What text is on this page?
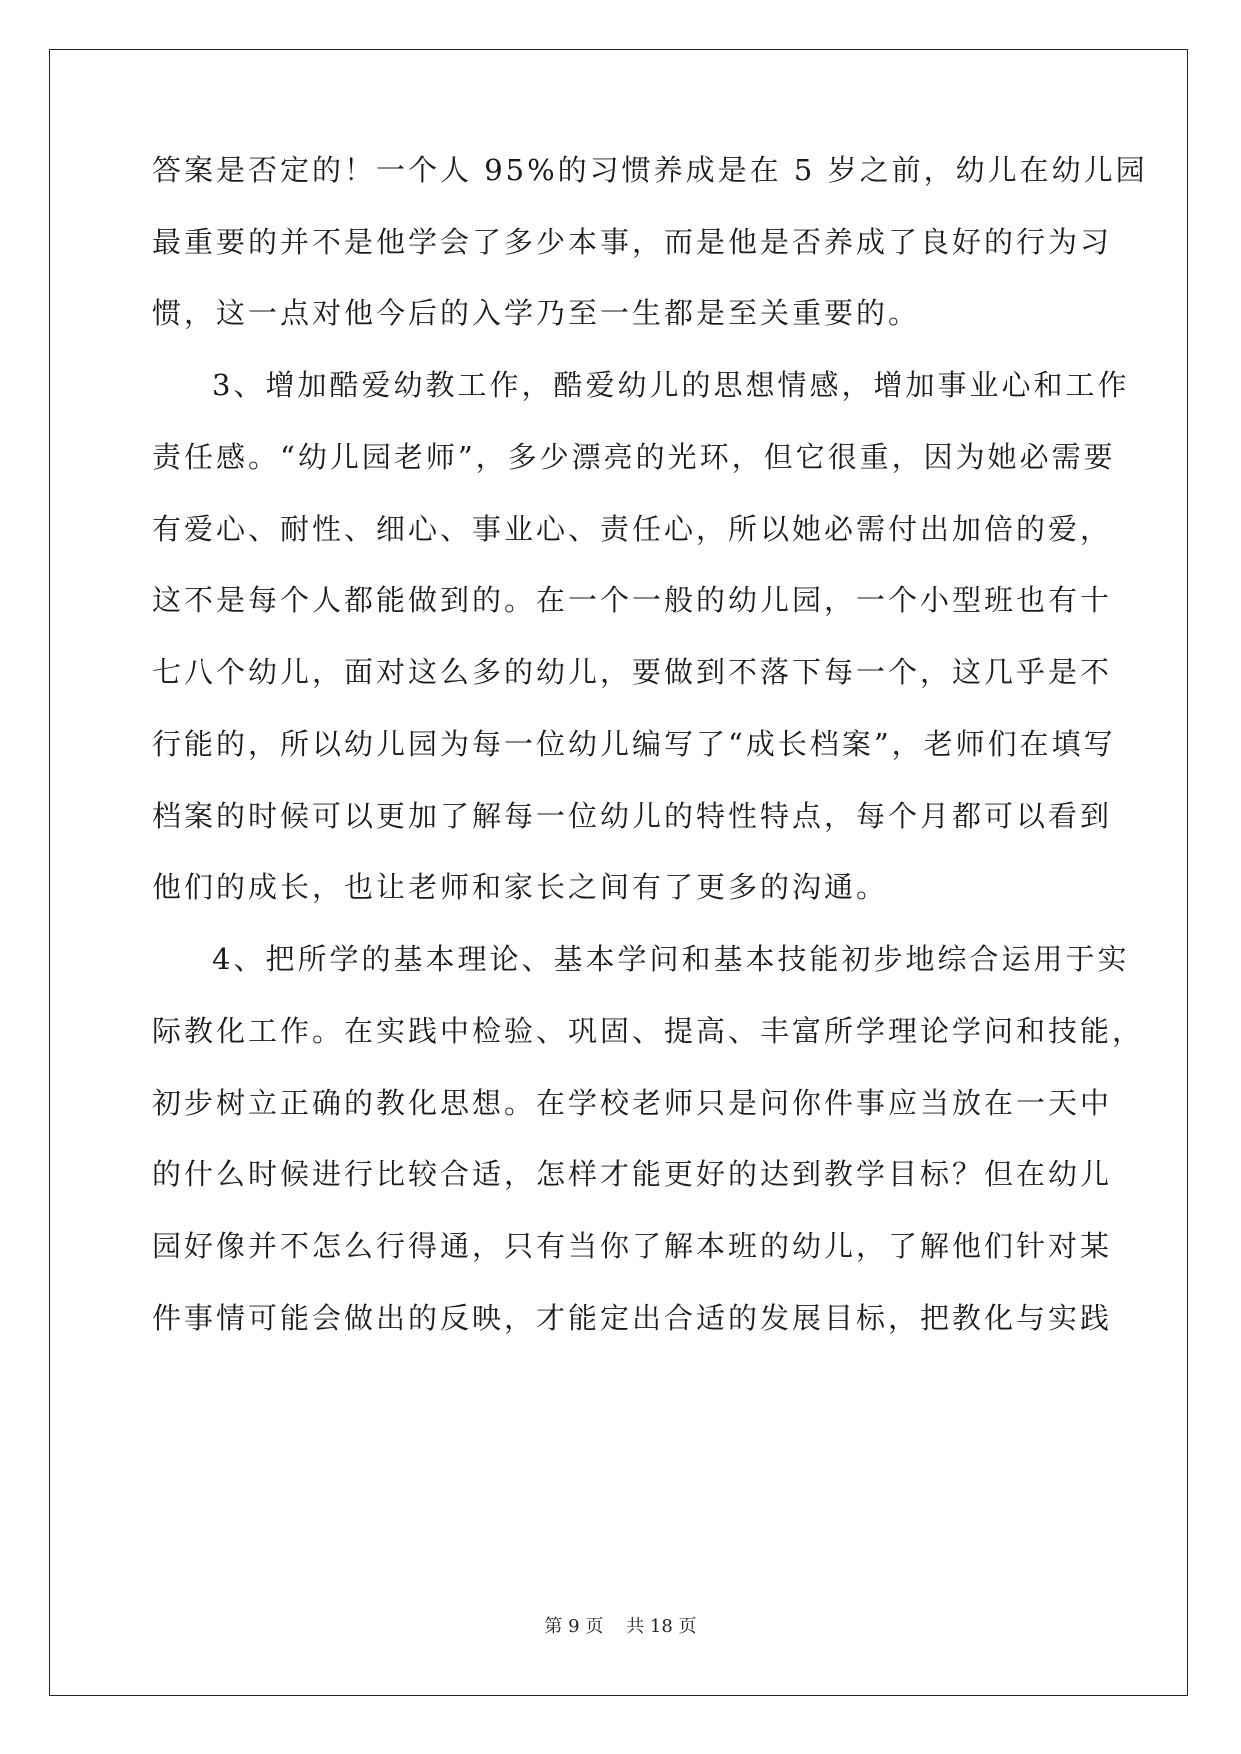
答案是否定的！一个人 95%的习惯养成是在 5 岁之前，幼儿在幼儿园
最重要的并不是他学会了多少本事，而是他是否养成了良好的行为习
惯，这一点对他今后的入学乃至一生都是至关重要的。
3、增加酷爱幼教工作，酷爱幼儿的思想情感，增加事业心和工作
责任感。“幼儿园老师”，多少漂亮的光环，但它很重，因为她必需要
有爱心、耐性、细心、事业心、责任心，所以她必需付出加倍的爱，
这不是每个人都能做到的。在一个一般的幼儿园，一个小型班也有十
七八个幼儿，面对这么多的幼儿，要做到不落下每一个，这几乎是不
行能的，所以幼儿园为每一位幼儿编写了“成长档案”，老师们在填写
档案的时候可以更加了解每一位幼儿的特性特点，每个月都可以看到
他们的成长，也让老师和家长之间有了更多的沟通。
4、把所学的基本理论、基本学问和基本技能初步地综合运用于实
际教化工作。在实践中检验、巩固、提高、丰富所学理论学问和技能，
初步树立正确的教化思想。在学校老师只是问你件事应当放在一天中
的什么时候进行比较合适，怎样才能更好的达到教学目标？但在幼儿
园好像并不怎么行得通，只有当你了解本班的幼儿，了解他们针对某
件事情可能会做出的反映，才能定出合适的发展目标，把教化与实践
第 9 页    共 18 页
